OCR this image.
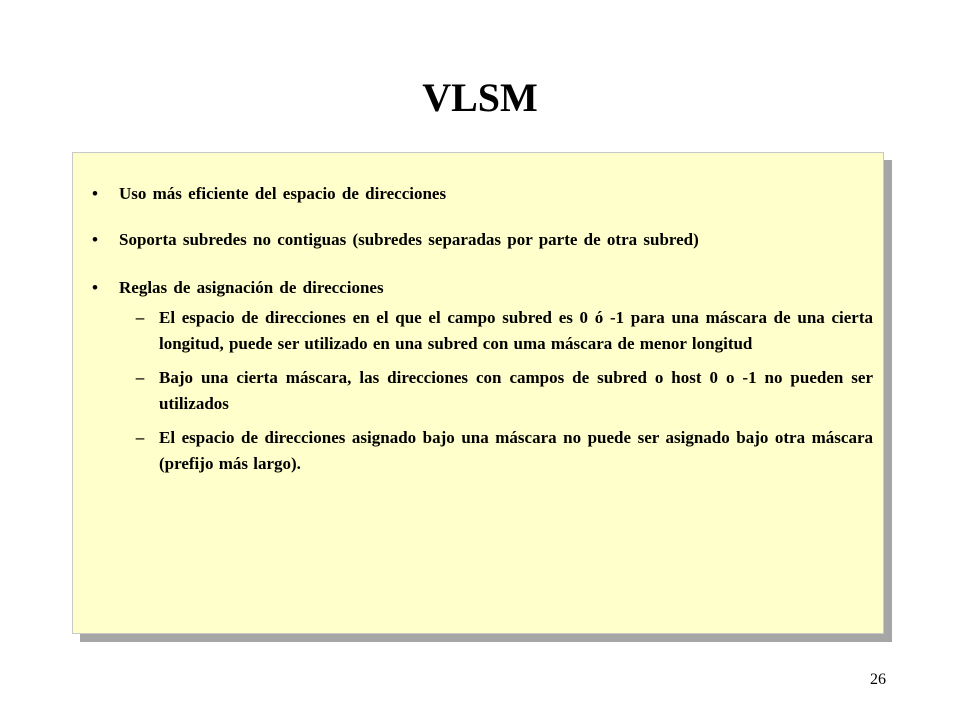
VLSM
•	Uso más eficiente del espacio de direcciones
•	Soporta subredes no contiguas (subredes separadas por parte de otra subred)
•	Reglas de asignación de direcciones
– El espacio de direcciones en el que el campo subred es 0 ó -1 para una máscara de una cierta longitud, puede ser utilizado en una subred con uma máscara de menor longitud
– Bajo una cierta máscara, las direcciones con campos de subred o host 0 o -1 no pueden ser utilizados
– El espacio de direcciones asignado bajo una máscara no puede ser asignado bajo otra máscara (prefijo más largo).
26
